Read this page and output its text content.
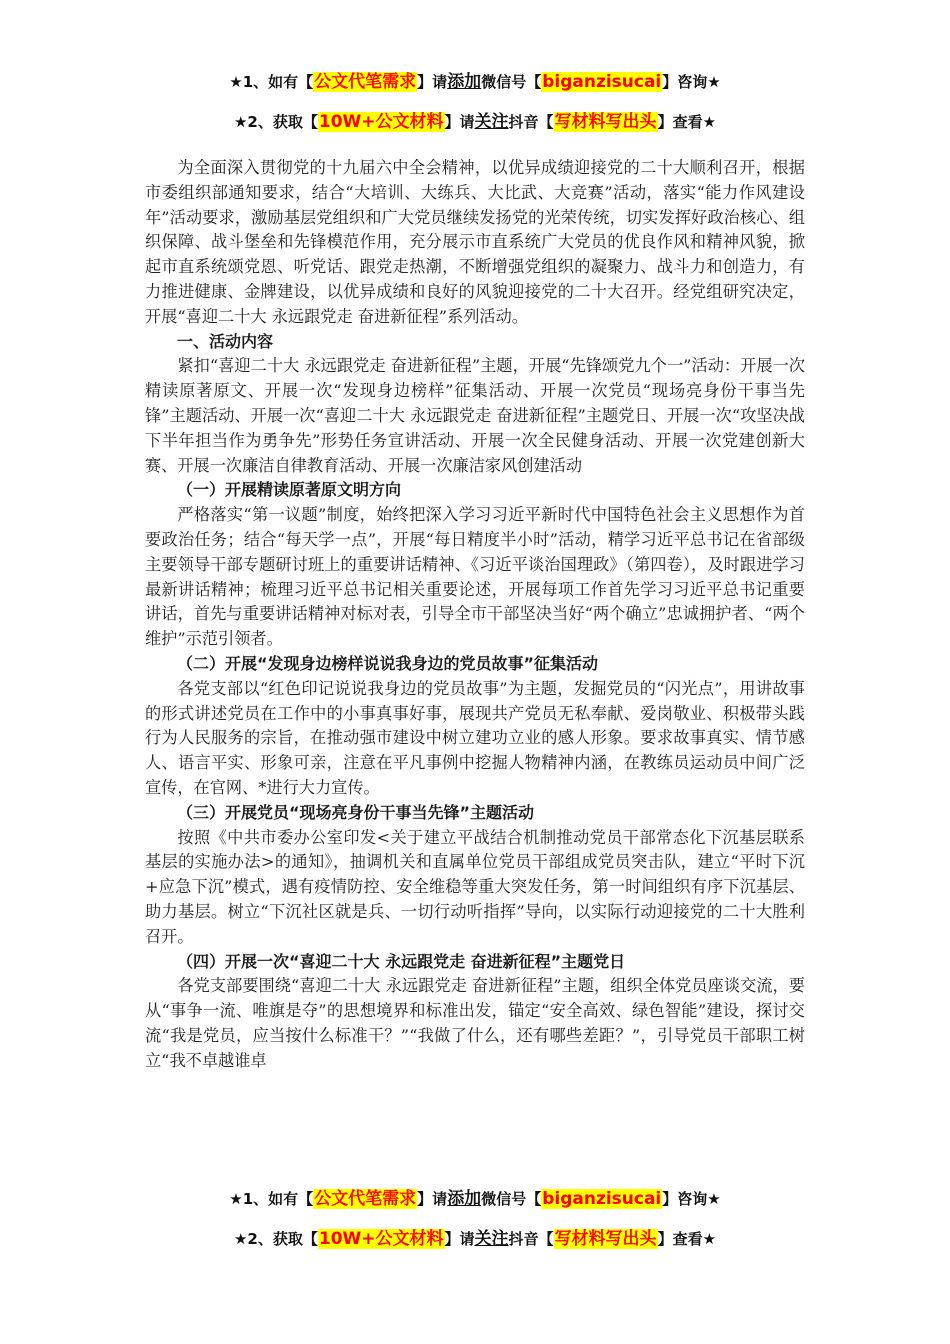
★1、如有【公文代笔需求】请添加微信号【biganzisucai】咨询★
★2、获取【10W+公文材料】请关注抖音【写材料写出头】查看★

为全面深入贯彻党的十九届六中全会精神，以优异成绩迎接党的二十大顺利召开，根据市委组织部通知要求，结合“大培训、大练兵、大比武、大竞赛”活动，落实“能力作风建设年”活动要求，激励基层党组织和广大党员继续发扬党的光荣传统，切实发挥好政治核心、组织保障、战斗堡垒和先锋模范作用，充分展示市直系统广大党员的优良作风和精神风貌，掀起市直系统颂党恩、听党话、跟党走热潮，不断增强党组织的凝聚力、战斗力和创造力，有力推进健康、金牌建设，以优异成绩和良好的风貌迎接党的二十大召开。经党组研究决定，开展“喜迎二十大 永远跟党走 奋进新征程”系列活动。

一、活动内容

紧扣“喜迎二十大 永远跟党走 奋进新征程”主题，开展“先锋颂党九个一”活动：开展一次精读原著原文、开展一次“发现身边榜样”征集活动、开展一次党员“现场亮身份干事当先锋”主题活动、开展一次“喜迎二十大 永远跟党走 奋进新征程”主题党日、开展一次“攻坚决战下半年担当作为勇争先”形势任务宣讲活动、开展一次全民健身活动、开展一次党建创新大赛、开展一次廉洁自律教育活动、开展一次廉洁家风创建活动

（一）开展精读原著原文明方向

严格落实“第一议题”制度，始终把深入学习习近平新时代中国特色社会主义思想作为首要政治任务；结合“每天学一点”，开展“每日精度半小时”活动，精学习近平总书记在省部级主要领导干部专题研讨班上的重要讲话精神、《习近平谈治国理政》（第四卷），及时跟进学习最新讲话精神；梳理习近平总书记相关重要论述，开展每项工作首先学习习近平总书记重要讲话，首先与重要讲话精神对标对表，引导全市干部坚决当好“两个确立”忠诚拥护者、“两个维护”示范引领者。

（二）开展“发现身边榜样说说我身边的党员故事”征集活动

各党支部以“红色印记说说我身边的党员故事”为主题，发掘党员的“闪光点”，用讲故事的形式讲述党员在工作中的小事真事好事，展现共产党员无私奉献、爱岗敬业、积极带头践行为人民服务的宗旨，在推动强市建设中树立建功立业的感人形象。要求故事真实、情节感人、语言平实、形象可亲，注意在平凡事例中挖掘人物精神内涵，在教练员运动员中间广泛宣传，在官网、*进行大力宣传。

（三）开展党员“现场亮身份干事当先锋”主题活动

按照《中共市委办公室印发<关于建立平战结合机制推动党员干部常态化下沉基层联系基层的实施办法>的通知》，抽调机关和直属单位党员干部组成党员突击队，建立“平时下沉+应急下沉”模式，遇有疫情防控、安全维稳等重大突发任务，第一时间组织有序下沉基层、助力基层。树立“下沉社区就是兵、一切行动听指挥”导向，以实际行动迎接党的二十大胜利召开。

（四）开展一次“喜迎二十大 永远跟党走 奋进新征程”主题党日

各党支部要围绕“喜迎二十大 永远跟党走 奋进新征程”主题，组织全体党员座谈交流，要从“事争一流、唯旗是夺”的思想境界和标准出发，锚定“安全高效、绿色智能”建设，探讨交流“我是党员，应当按什么标准干？”“我做了什么，还有哪些差距？”，引导党员干部职工树立“我不卓越谁卓

★1、如有【公文代笔需求】请添加微信号【biganzisucai】咨询★
★2、获取【10W+公文材料】请关注抖音【写材料写出头】查看★
